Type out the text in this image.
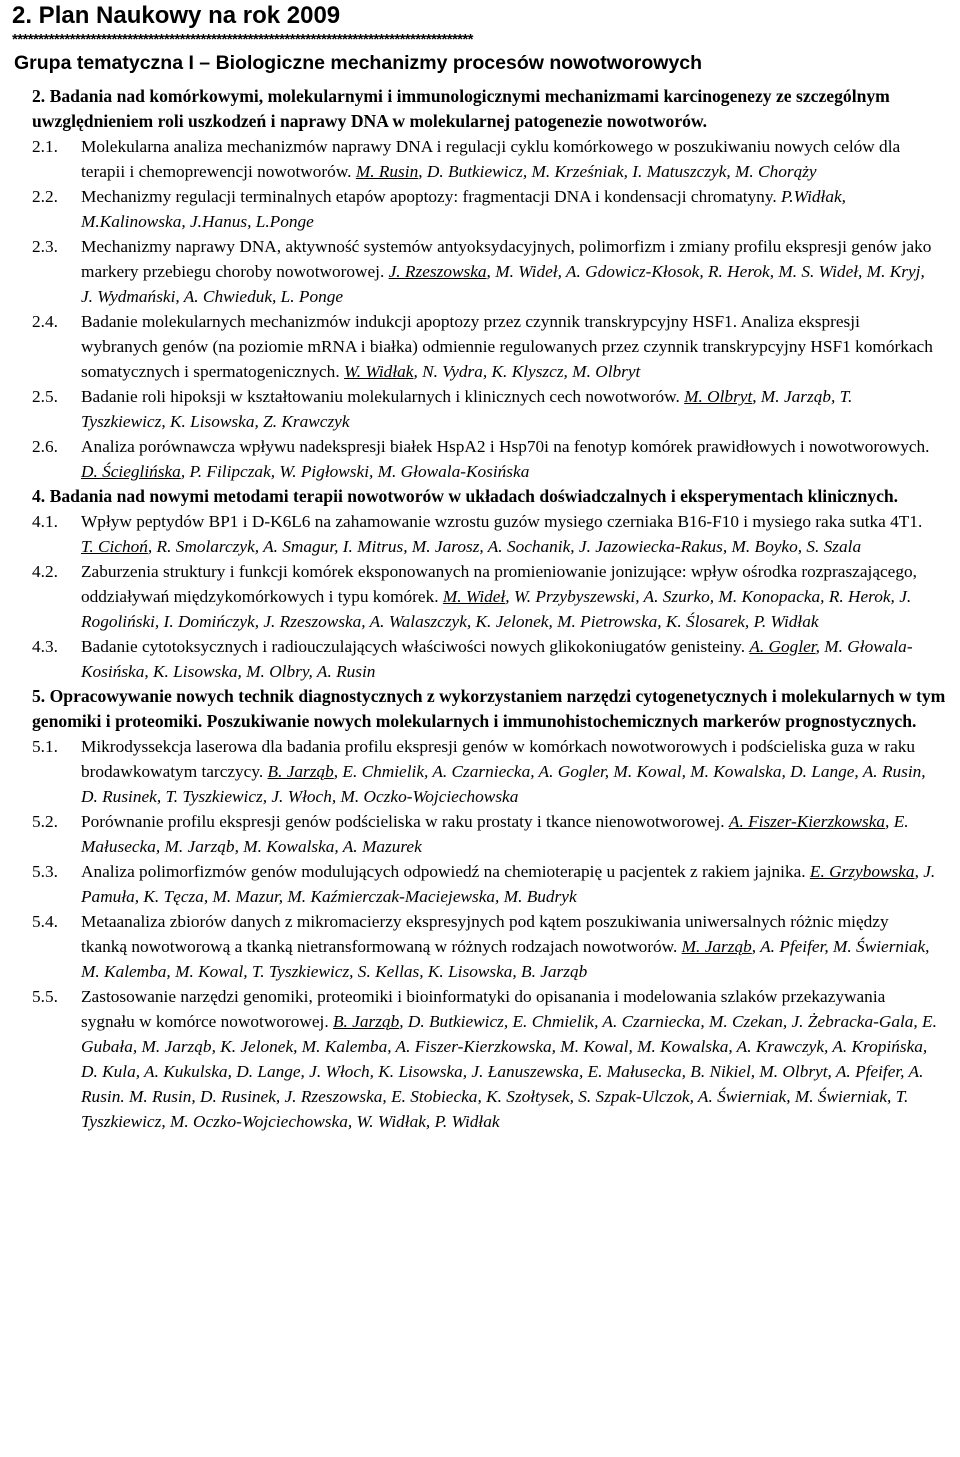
2. Plan Naukowy na rok 2009
****************************************************************************************
Grupa tematyczna I – Biologiczne mechanizmy procesów nowotworowych
2. Badania nad komórkowymi, molekularnymi i immunologicznymi mechanizmami karcinogenezy ze szczególnym uwzględnieniem roli uszkodzeń i naprawy DNA w molekularnej patogenezie nowotworów.
2.1.	Molekularna analiza mechanizmów naprawy DNA i regulacji cyklu komórkowego w poszukiwaniu nowych celów dla terapii i chemoprewencji nowotworów. M. Rusin, D. Butkiewicz, M. Krześniak, I. Matuszczyk, M. Chorąży
2.2.	Mechanizmy regulacji terminalnych etapów apoptozy: fragmentacji DNA i kondensacji chromatyny. P.Widłak, M.Kalinowska, J.Hanus, L.Ponge
2.3.	Mechanizmy naprawy DNA, aktywność systemów antyoksydacyjnych, polimorfizm i zmiany profilu ekspresji genów jako markery przebiegu choroby nowotworowej. J. Rzeszowska, M. Wideł, A. Gdowicz-Kłosok, R. Herok, M. S. Wideł, M. Kryj, J. Wydmański, A. Chwieduk, L. Ponge
2.4.	Badanie molekularnych mechanizmów indukcji apoptozy przez czynnik transkrypcyjny HSF1. Analiza ekspresji wybranych genów (na poziomie mRNA i białka) odmiennie regulowanych przez czynnik transkrypcyjny HSF1 komórkach somatycznych i spermatogenicznych. W. Widłak, N. Vydra, K. Klyszcz, M. Olbryt
2.5.	Badanie roli hipoksji w kształtowaniu molekularnych i klinicznych cech nowotworów. M. Olbryt, M. Jarząb, T. Tyszkiewicz, K. Lisowska, Z. Krawczyk
2.6.	Analiza porównawcza wpływu nadekspresji białek HspA2 i Hsp70i na fenotyp komórek prawidłowych i nowotworowych. D. Ścieglińska, P. Filipczak, W. Pigłowski, M. Głowala-Kosińska
4. Badania nad nowymi metodami terapii nowotworów w układach doświadczalnych i eksperymentach klinicznych.
4.1.	Wpływ peptydów BP1 i D-K6L6 na zahamowanie wzrostu guzów mysiego czerniaka B16-F10 i mysiego raka sutka 4T1. T. Cichoń, R. Smolarczyk, A. Smagur, I. Mitrus, M. Jarosz, A. Sochanik, J. Jazowiecka-Rakus, M. Boyko, S. Szala
4.2.	Zaburzenia struktury i funkcji komórek eksponowanych na promieniowanie jonizujące: wpływ ośrodka rozpraszającego, oddziaływań międzykomórkowych i typu komórek. M. Wideł, W. Przybyszewski, A. Szurko, M. Konopacka, R. Herok, J. Rogoliński, I. Domińczyk, J. Rzeszowska, A. Walaszczyk, K. Jelonek, M. Pietrowska, K. Ślosarek, P. Widłak
4.3.	Badanie cytotoksycznych i radiouczulających właściwości nowych glikokoniugatów genisteiny. A. Gogler, M. Głowala-Kosińska, K. Lisowska, M. Olbry, A. Rusin
5. Opracowywanie nowych technik diagnostycznych z wykorzystaniem narzędzi cytogenetycznych i molekularnych w tym genomiki i proteomiki. Poszukiwanie nowych molekularnych i immunohistochemicznych markerów prognostycznych.
5.1.	Mikrodyssekcja laserowa dla badania profilu ekspresji genów w komórkach nowotworowych i podścieliska guza w raku brodawkowatym tarczycy. B. Jarząb, E. Chmielik, A. Czarniecka, A. Gogler, M. Kowal, M. Kowalska, D. Lange, A. Rusin, D. Rusinek, T. Tyszkiewicz, J. Włoch, M. Oczko-Wojciechowska
5.2.	Porównanie profilu ekspresji genów podścieliska w raku prostaty i tkance nienowotworowej. A. Fiszer-Kierzkowska, E. Małusecka, M. Jarząb, M. Kowalska, A. Mazurek
5.3.	Analiza polimorfizmów genów modulujących odpowiedź na chemioterapię u pacjentek z rakiem jajnika. E. Grzybowska, J. Pamuła, K. Tęcza, M. Mazur, M. Kaźmierczak-Maciejewska, M. Budryk
5.4.	Metaanaliza zbiorów danych z mikromacierzy ekspresyjnych pod kątem poszukiwania uniwersalnych różnic między tkanką nowotworową a tkanką nietransformowaną w różnych rodzajach nowotworów. M. Jarząb, A. Pfeifer, M. Świerniak, M. Kalemba, M. Kowal, T. Tyszkiewicz, S. Kellas, K. Lisowska, B. Jarząb
5.5.	Zastosowanie narzędzi genomiki, proteomiki i bioinformatyki do opisanania i modelowania szlaków przekazywania sygnału w komórce nowotworowej. B. Jarząb, D. Butkiewicz, E. Chmielik, A. Czarniecka, M. Czekan, J. Żebracka-Gala, E. Gubała, M. Jarząb, K. Jelonek, M. Kalemba, A. Fiszer-Kierzkowska, M. Kowal, M. Kowalska, A. Krawczyk, A. Kropińska, D. Kula, A. Kukulska, D. Lange, J. Włoch, K. Lisowska, J. Łanuszewska, E. Małusecka, B. Nikiel, M. Olbryt, A. Pfeifer, A. Rusin. M. Rusin, D. Rusinek, J. Rzeszowska, E. Stobiecka, K. Szołtysek, S. Szpak-Ulczok, A. Świerniak, M. Świerniak, T. Tyszkiewicz, M. Oczko-Wojciechowska, W. Widłak, P. Widłak
